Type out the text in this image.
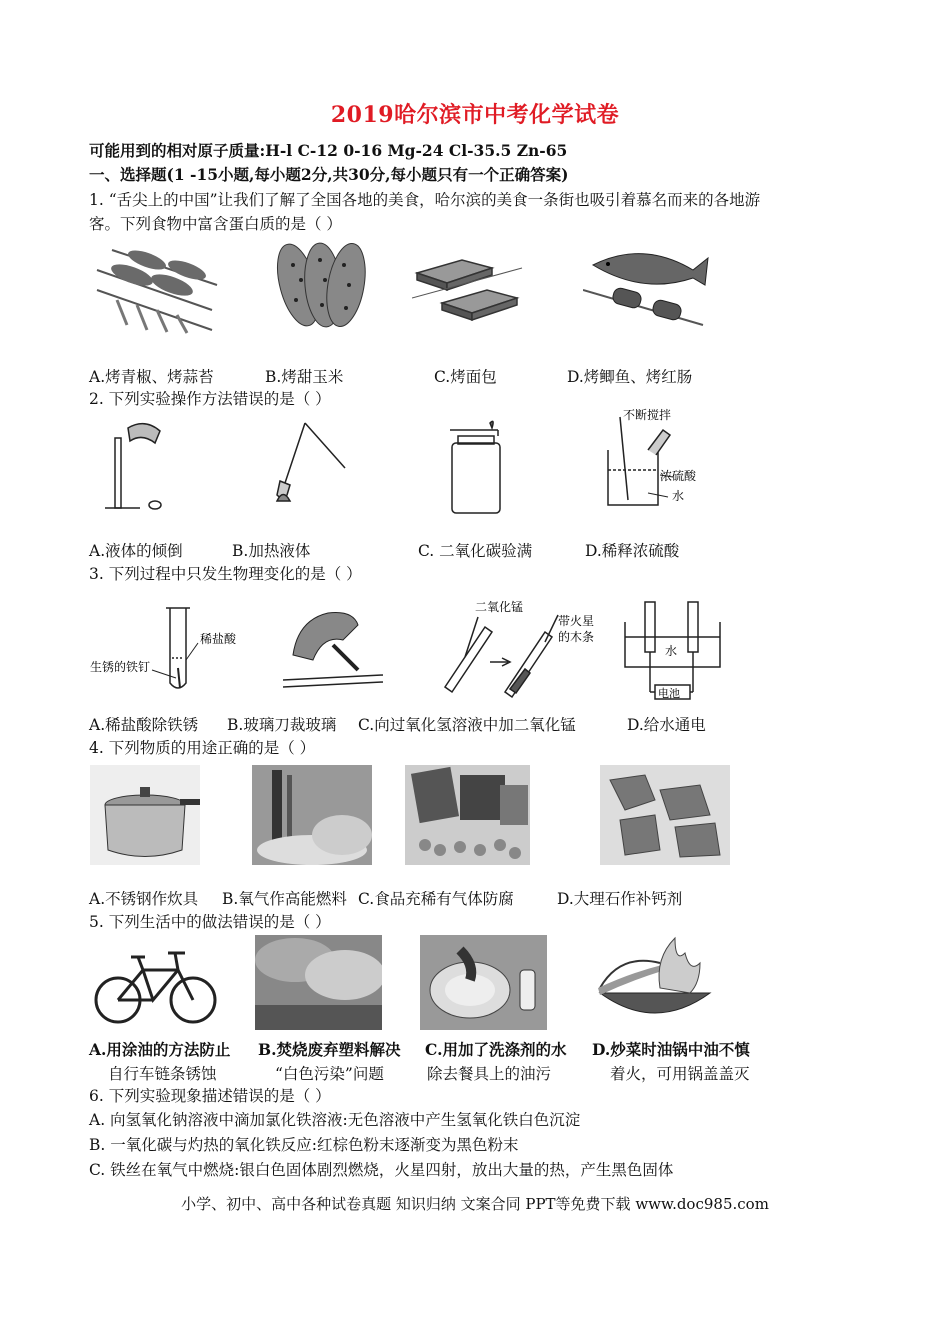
2019哈尔滨市中考化学试卷
可能用到的相对原子质量:H-l C-12 0-16 Mg-24 Cl-35.5 Zn-65
一、选择题(1 -15小题,每小题2分,共30分,每小题只有一个正确答案)
1. “舌尖上的中国”让我们了解了全国各地的美食，哈尔滨的美食一条街也吸引着慕名而来的各地游
客。下列食物中富含蛋白质的是（ ）
A.烤青椒、烤蒜苔	B.烤甜玉米	C.烤面包	D.烤鲫鱼、烤红肠
2. 下列实验操作方法错误的是（ ）
不断搅拌
浓硫酸
水
A.液体的倾倒	B.加热液体	C. 二氧化碳验满	D.稀释浓硫酸
3. 下列过程中只发生物理变化的是（ ）
稀盐酸
生锈的铁钉
二氧化锰
带火星
的木条
水
电池
A.稀盐酸除铁锈 B.玻璃刀裁玻璃 C.向过氧化氢溶液中加二氧化锰	D.给水通电
4. 下列物质的用途正确的是（ ）
A.不锈钢作炊具 B.氧气作高能燃料 C.食品充稀有气体防腐	D.大理石作补钙剂
5. 下列生活中的做法错误的是（ ）
A.用涂油的方法防止
自行车链条锈蚀
B.焚烧废弃塑料解决
“白色污染”问题
C.用加了洗涤剂的水
除去餐具上的油污
D.炒菜时油锅中油不慎
着火，可用锅盖盖灭
6. 下列实验现象描述错误的是（ ）
A. 向氢氧化钠溶液中滴加氯化铁溶液:无色溶液中产生氢氧化铁白色沉淀
B. 一氧化碳与灼热的氧化铁反应:红棕色粉末逐渐变为黑色粉末
C. 铁丝在氧气中燃烧:银白色固体剧烈燃烧，火星四射，放出大量的热，产生黑色固体
小学、初中、高中各种试卷真题 知识归纳 文案合同 PPT等免费下载 www.doc985.com
